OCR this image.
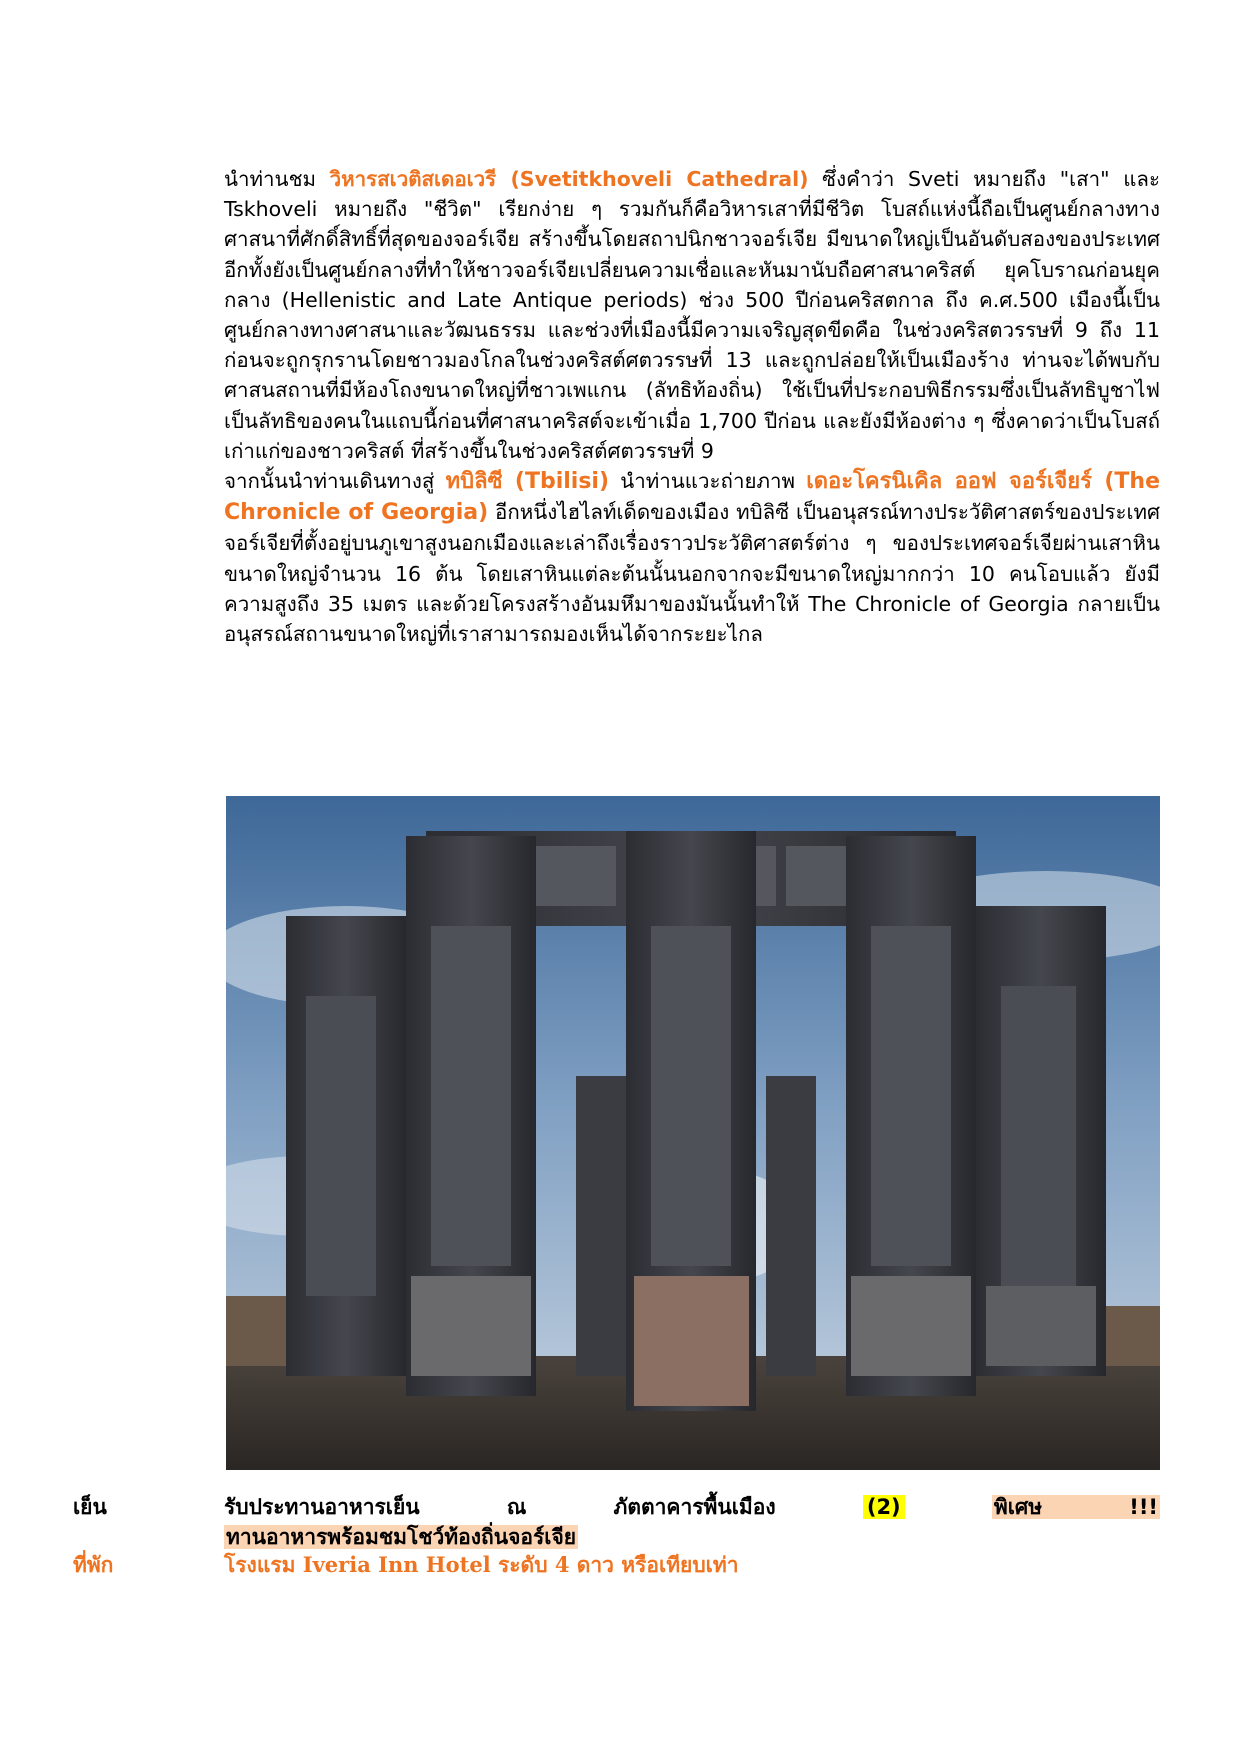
นำท่านชม วิหารสเวติสเดอเวรี (Svetitkhoveli Cathedral) ซึ่งคำว่า Sveti หมายถึง "เสา" และ Tskhoveli หมายถึง "ชีวิต" เรียกง่าย ๆ รวมกันก็คือวิหารเสาที่มีชีวิต โบสถ์แห่งนี้ถือเป็นศูนย์กลางทางศาสนาที่ศักดิ์สิทธิ์ที่สุดของจอร์เจีย สร้างขึ้นโดยสถาปนิกชาวจอร์เจีย มีขนาดใหญ่เป็นอันดับสองของประเทศ อีกทั้งยังเป็นศูนย์กลางที่ทำให้ชาวจอร์เจียเปลี่ยนความเชื่อและหันมานับถือศาสนาคริสต์ ยุคโบราณก่อนยุคกลาง (Hellenistic and Late Antique periods) ช่วง 500 ปีก่อนคริสตกาล ถึง ค.ศ.500 เมืองนี้เป็นศูนย์กลางทางศาสนาและวัฒนธรรม และช่วงที่เมืองนี้มีความเจริญสุดขีดคือ ในช่วงคริสตวรรษที่ 9 ถึง 11 ก่อนจะถูกรุกรานโดยชาวมองโกลในช่วงคริสต์ศตวรรษที่ 13 และถูกปล่อยให้เป็นเมืองร้าง ท่านจะได้พบกับศาสนสถานที่มีห้องโถงขนาดใหญ่ที่ชาวเพแกน (ลัทธิท้องถิ่น) ใช้เป็นที่ประกอบพิธีกรรมซึ่งเป็นลัทธิบูชาไฟ เป็นลัทธิของคนในแถบนี้ก่อนที่ศาสนาคริสต์จะเข้าเมื่อ 1,700 ปีก่อน และยังมีห้องต่าง ๆ ซึ่งคาดว่าเป็นโบสถ์เก่าแก่ของชาวคริสต์ ที่สร้างขึ้นในช่วงคริสต์ศตวรรษที่ 9

จากนั้นนำท่านเดินทางสู่ ทบิลิซี (Tbilisi) นำท่านแวะถ่ายภาพ เดอะโครนิเคิล ออฟ จอร์เจียร์ (The Chronicle of Georgia) อีกหนึ่งไฮไลท์เด็ดของเมือง ทบิลิซี เป็นอนุสรณ์ทางประวัติศาสตร์ของประเทศจอร์เจียที่ตั้งอยู่บนภูเขาสูงนอกเมืองและเล่าถึงเรื่องราวประวัติศาสตร์ต่าง ๆ ของประเทศจอร์เจียผ่านเสาหินขนาดใหญ่จำนวน 16 ต้น โดยเสาหินแต่ละต้นนั้นนอกจากจะมีขนาดใหญ่มากกว่า 10 คนโอบแล้ว ยังมีความสูงถึง 35 เมตร และด้วยโครงสร้างอันมหึมาของมันนั้นทำให้ The Chronicle of Georgia กลายเป็นอนุสรณ์สถานขนาดใหญ่ที่เราสามารถมองเห็นได้จากระยะไกล

เย็น	รับประทานอาหารเย็น ณ ภัตตาคารพื้นเมือง (2)	พิเศษ !!!
ทานอาหารพร้อมชมโชว์ท้องถิ่นจอร์เจีย
ที่พัก	โรงแรม Iveria Inn Hotel ระดับ 4 ดาว หรือเทียบเท่า
